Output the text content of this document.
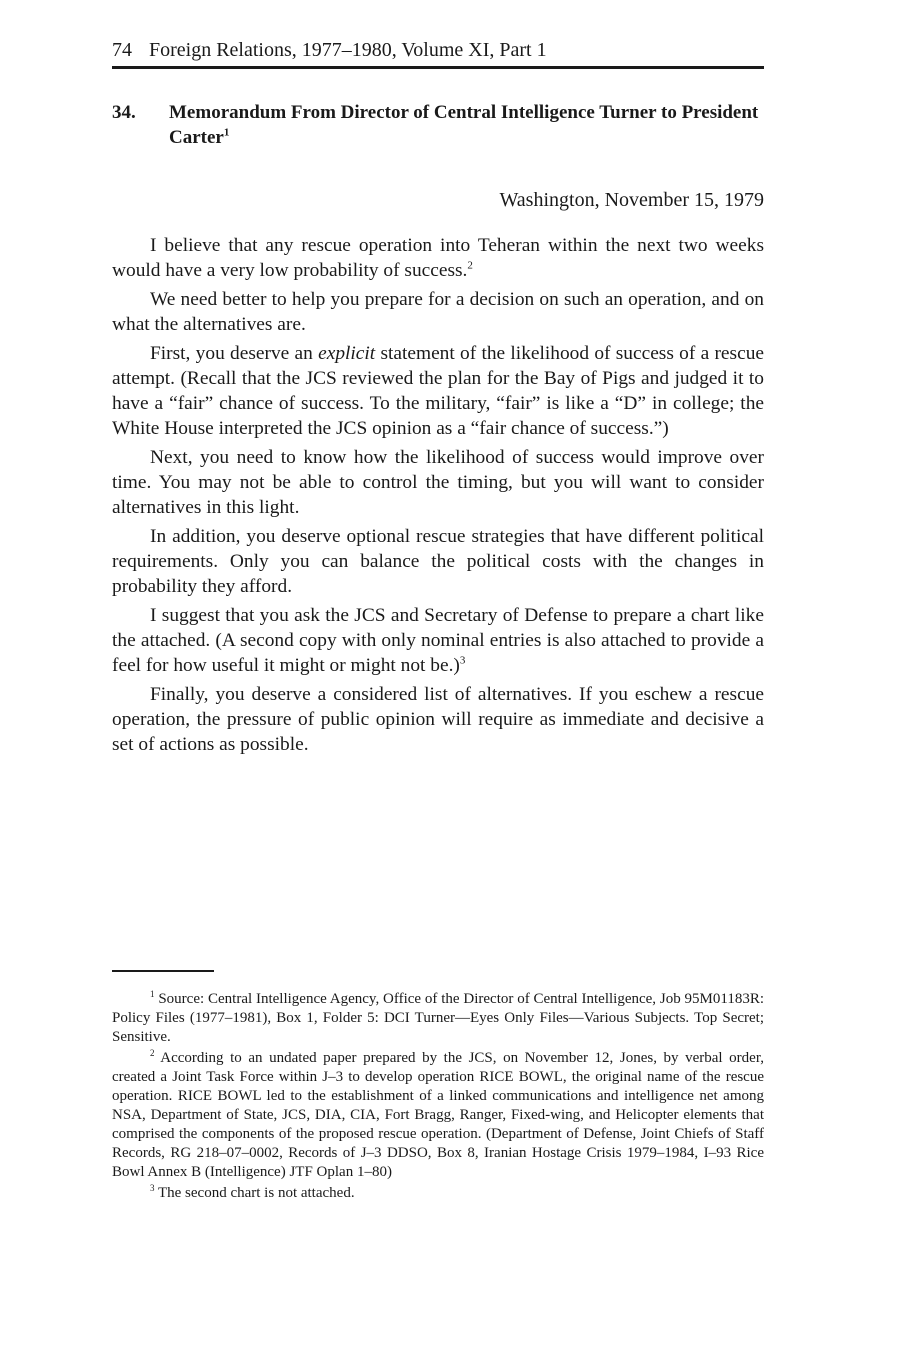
74 Foreign Relations, 1977–1980, Volume XI, Part 1
34. Memorandum From Director of Central Intelligence Turner to President Carter$^1$
Washington, November 15, 1979

I believe that any rescue operation into Teheran within the next two weeks would have a very low probability of success.$^2$

We need better to help you prepare for a decision on such an operation, and on what the alternatives are.

First, you deserve an explicit statement of the likelihood of success of a rescue attempt. (Recall that the JCS reviewed the plan for the Bay of Pigs and judged it to have a “fair” chance of success. To the military, “fair” is like a “D” in college; the White House interpreted the JCS opinion as a “fair chance of success.”)

Next, you need to know how the likelihood of success would improve over time. You may not be able to control the timing, but you will want to consider alternatives in this light.

In addition, you deserve optional rescue strategies that have different political requirements. Only you can balance the political costs with the changes in probability they afford.

I suggest that you ask the JCS and Secretary of Defense to prepare a chart like the attached. (A second copy with only nominal entries is also attached to provide a feel for how useful it might or might not be.)$^3$

Finally, you deserve a considered list of alternatives. If you eschew a rescue operation, the pressure of public opinion will require as immediate and decisive a set of actions as possible.

$^1$ Source: Central Intelligence Agency, Office of the Director of Central Intelligence, Job 95M01183R: Policy Files (1977–1981), Box 1, Folder 5: DCI Turner—Eyes Only Files—Various Subjects. Top Secret; Sensitive.

$^2$ According to an undated paper prepared by the JCS, on November 12, Jones, by verbal order, created a Joint Task Force within J–3 to develop operation RICE BOWL, the original name of the rescue operation. RICE BOWL led to the establishment of a linked communications and intelligence net among NSA, Department of State, JCS, DIA, CIA, Fort Bragg, Ranger, Fixed-wing, and Helicopter elements that comprised the components of the proposed rescue operation. (Department of Defense, Joint Chiefs of Staff Records, RG 218–07–0002, Records of J–3 DDSO, Box 8, Iranian Hostage Crisis 1979–1984, I–93 Rice Bowl Annex B (Intelligence) JTF Oplan 1–80)

$^3$ The second chart is not attached.
